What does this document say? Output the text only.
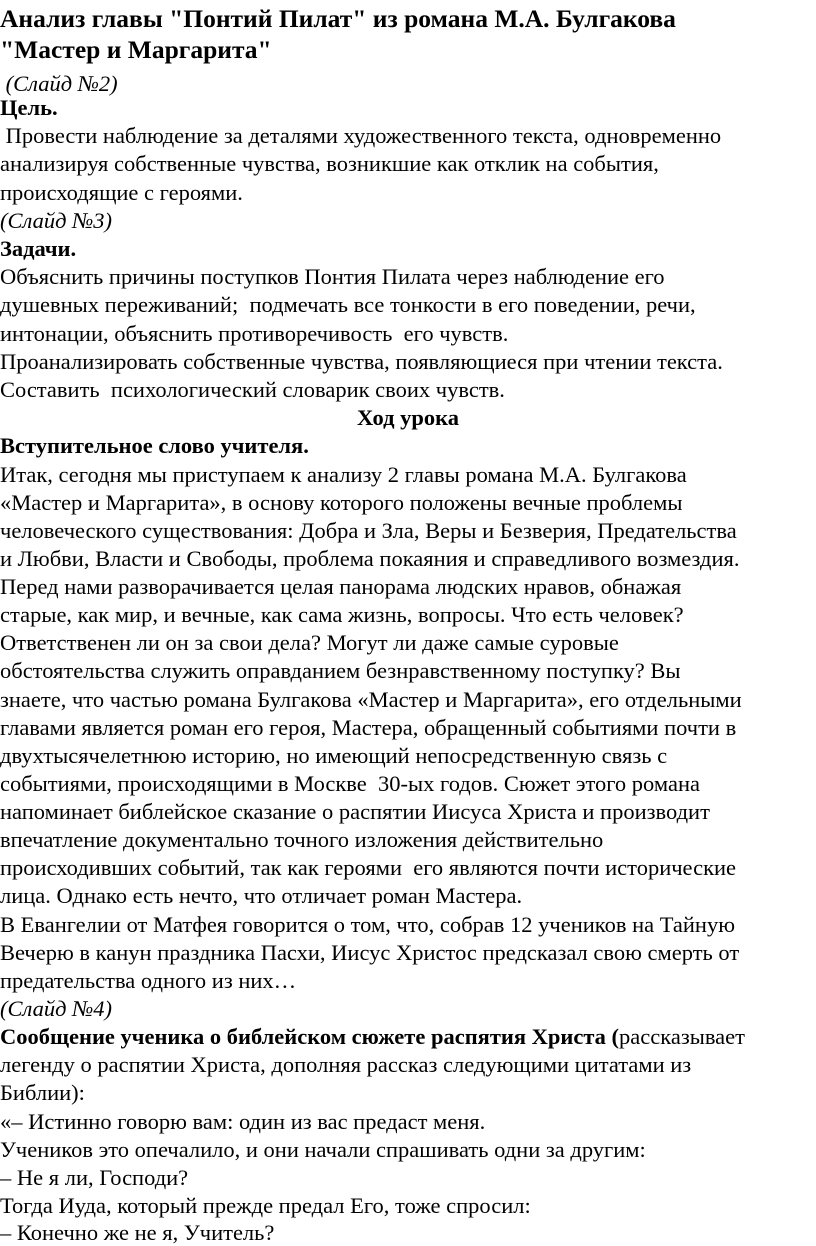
Анализ главы "Понтий Пилат" из романа М.А. Булгакова
"Мастер и Маргарита"
(Слайд №2)
Цель.
Провести наблюдение за деталями художественного текста, одновременно
анализируя собственные чувства, возникшие как отклик на события,
происходящие с героями.
(Слайд №3)
Задачи.
Объяснить причины поступков Понтия Пилата через наблюдение его
душевных переживаний;  подмечать все тонкости в его поведении, речи,
интонации, объяснить противоречивость  его чувств.
Проанализировать собственные чувства, появляющиеся при чтении текста.
Составить  психологический словарик своих чувств.
Ход урока
Вступительное слово учителя.
Итак, сегодня мы приступаем к анализу 2 главы романа М.А. Булгакова
«Мастер и Маргарита», в основу которого положены вечные проблемы
человеческого существования: Добра и Зла, Веры и Безверия, Предательства
и Любви, Власти и Свободы, проблема покаяния и справедливого возмездия.
Перед нами разворачивается целая панорама людских нравов, обнажая
старые, как мир, и вечные, как сама жизнь, вопросы. Что есть человек?
Ответственен ли он за свои дела? Могут ли даже самые суровые
обстоятельства служить оправданием безнравственному поступку? Вы
знаете, что частью романа Булгакова «Мастер и Маргарита», его отдельными
главами является роман его героя, Мастера, обращенный событиями почти в
двухтысячелетнюю историю, но имеющий непосредственную связь с
событиями, происходящими в Москве  30-ых годов. Сюжет этого романа
напоминает библейское сказание о распятии Иисуса Христа и производит
впечатление документально точного изложения действительно
происходивших событий, так как героями  его являются почти исторические
лица. Однако есть нечто, что отличает роман Мастера.
В Евангелии от Матфея говорится о том, что, собрав 12 учеников на Тайную
Вечерю в канун праздника Пасхи, Иисус Христос предсказал свою смерть от
предательства одного из них…
(Слайд №4)
Сообщение ученика о библейском сюжете распятия Христа (рассказывает
легенду о распятии Христа, дополняя рассказ следующими цитатами из
Библии):
«– Истинно говорю вам: один из вас предаст меня.
Учеников это опечалило, и они начали спрашивать одни за другим:
– Не я ли, Господи?
Тогда Иуда, который прежде предал Его, тоже спросил:
– Конечно же не я, Учитель?
